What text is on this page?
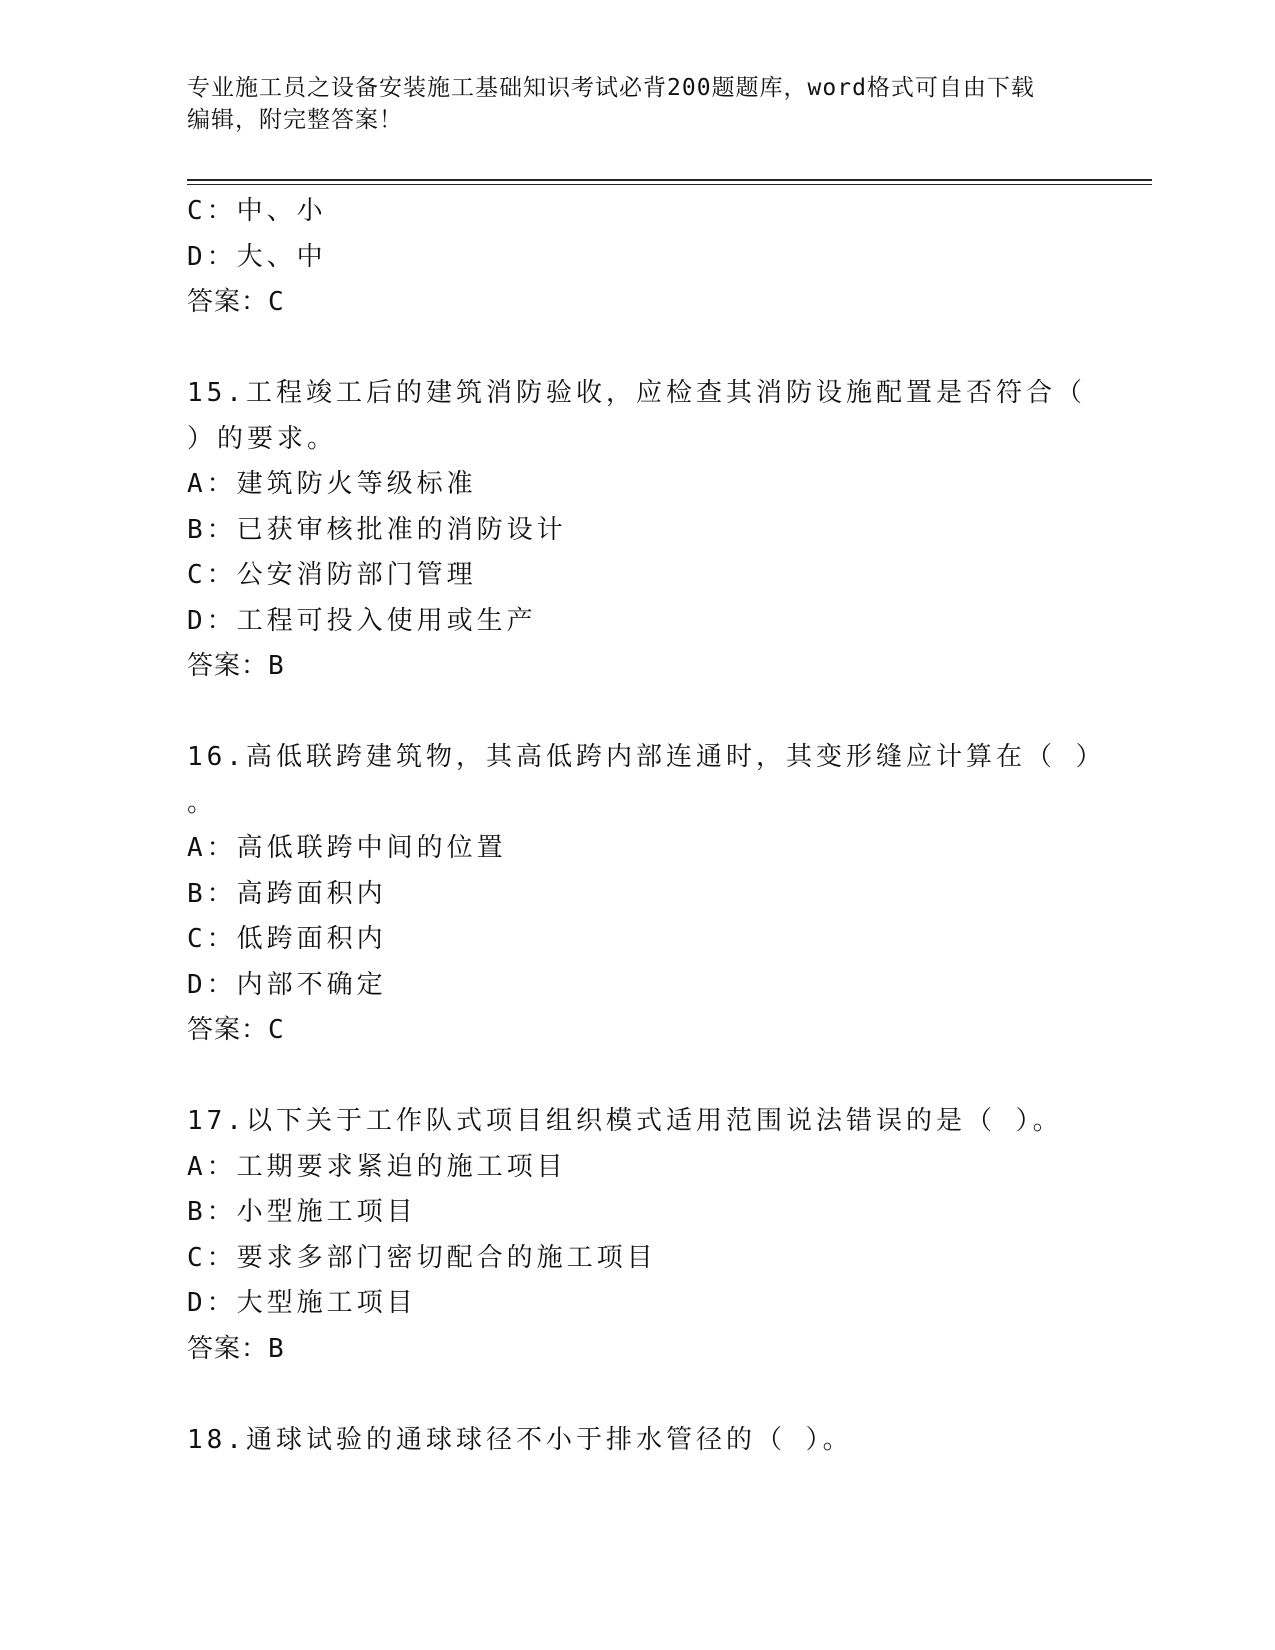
专业施工员之设备安装施工基础知识考试必背200题题库，word格式可自由下载
编辑，附完整答案！
C：中、小
D：大、中
答案：C
15.工程竣工后的建筑消防验收，应检查其消防设施配置是否符合（
）的要求。
A：建筑防火等级标准
B：已获审核批准的消防设计
C：公安消防部门管理
D：工程可投入使用或生产
答案：B
16.高低联跨建筑物，其高低跨内部连通时，其变形缝应计算在（ ）
。
A：高低联跨中间的位置
B：高跨面积内
C：低跨面积内
D：内部不确定
答案：C
17.以下关于工作队式项目组织模式适用范围说法错误的是（ ）。
A：工期要求紧迫的施工项目
B：小型施工项目
C：要求多部门密切配合的施工项目
D：大型施工项目
答案：B
18.通球试验的通球球径不小于排水管径的（ ）。
